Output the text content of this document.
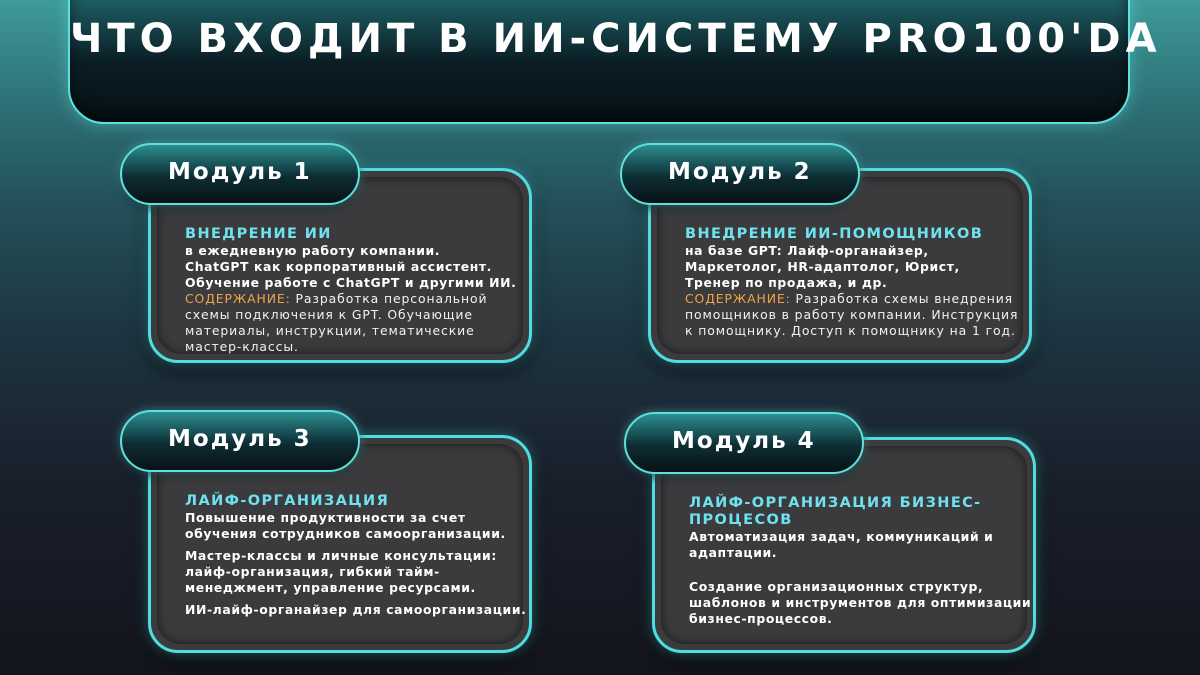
ЧТО ВХОДИТ В ИИ-СИСТЕМУ PRO100'DA
Модуль 1

ВНЕДРЕНИЕ ИИ

в ежедневную работу компании.

ChatGPT как корпоративный ассистент.

Обучение работе с ChatGPT и другими ИИ.

СОДЕРЖАНИЕ: Разработка персональной схемы подключения к GPT. Обучающие материалы, инструкции, тематические мастер-классы.

Модуль 2

ВНЕДРЕНИЕ ИИ-ПОМОЩНИКОВ

на базе GPT: Лайф-органайзер,

Маркетолог, HR-адаптолог, Юрист,

Тренер по продажа, и др.

СОДЕРЖАНИЕ: Разработка схемы внедрения помощников в работу компании. Инструкция к помощнику. Доступ к помощнику на 1 год.

Модуль 3

ЛАЙФ-ОРГАНИЗАЦИЯ

Повышение продуктивности за счет обучения сотрудников самоорганизации.

Мастер-классы и личные консультации: лайф-организация, гибкий тайм-менеджмент, управление ресурсами.

ИИ-лайф-органайзер для самоорганизации.

Модуль 4

ЛАЙФ-ОРГАНИЗАЦИЯ БИЗНЕС-ПРОЦЕСОВ

Автоматизация задач, коммуникаций и адаптации.

Создание организационных структур, шаблонов и инструментов для оптимизации бизнес-процессов.
